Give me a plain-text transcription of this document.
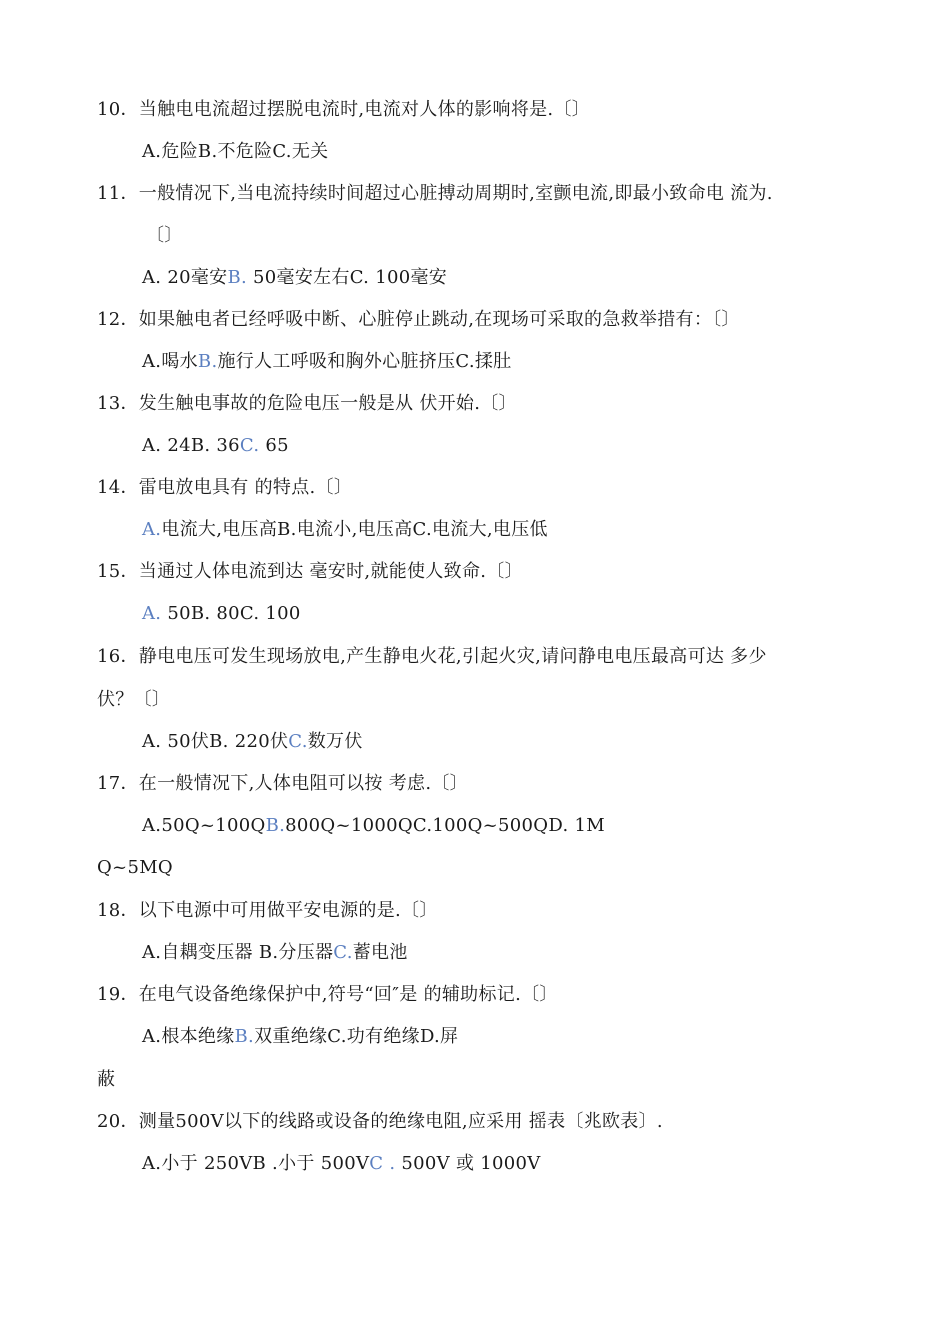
10．当触电电流超过摆脱电流时,电流对人体的影响将是.〔〕
A.危险B.不危险C.无关
11．一般情况下,当电流持续时间超过心脏搏动周期时,室颤电流,即最小致命电 流为.
〔〕
A. 20毫安B. 50毫安左右C. 100毫安
12．如果触电者已经呼吸中断、心脏停止跳动,在现场可采取的急救举措有：〔〕
A.喝水B.施行人工呼吸和胸外心脏挤压C.揉肚
13．发生触电事故的危险电压一般是从 伏开始.〔〕
A. 24B. 36C. 65
14．雷电放电具有 的特点.〔〕
A.电流大,电压高B.电流小,电压高C.电流大,电压低
15．当通过人体电流到达 毫安时,就能使人致命.〔〕
A. 50B. 80C. 100
16．静电电压可发生现场放电,产生静电火花,引起火灾,请问静电电压最高可达 多少
伏？〔〕
A. 50伏B. 220伏C.数万伏
17．在一般情况下,人体电阻可以按 考虑.〔〕
A.50Q~100QB.800Q~1000QC.100Q~500QD. 1M
Q~5MQ
18．以下电源中可用做平安电源的是.〔〕
A.自耦变压器 B.分压器C.蓄电池
19．在电气设备绝缘保护中,符号“回″是 的辅助标记.〔〕
A.根本绝缘B.双重绝缘C.功有绝缘D.屏
蔽
20．测量500V以下的线路或设备的绝缘电阻,应采用 摇表〔兆欧表〕.
A.小于 250VB .小于 500VC . 500V 或 1000V
